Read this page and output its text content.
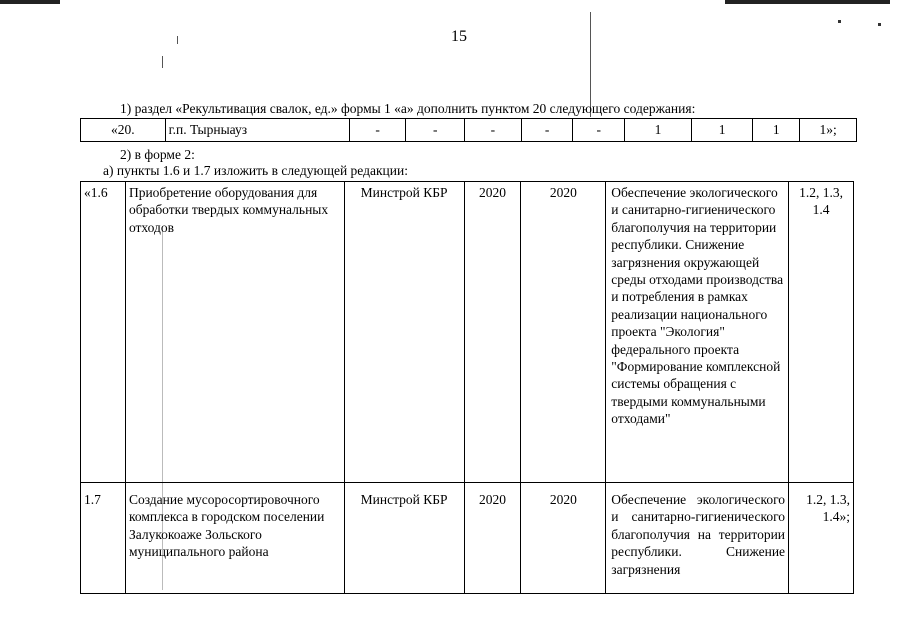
15
1) раздел «Рекультивация свалок, ед.» формы 1 «а» дополнить пунктом 20 следующего содержания:
«20.	г.п. Тырныауз	-	-	-	-	-	1	1	1	1»;
2) в форме 2:
а) пункты 1.6 и 1.7 изложить в следующей редакции:
«1.6	Приобретение оборудования для обработки твердых коммунальных отходов	Минстрой КБР	2020	2020	Обеспечение экологического и санитарно-гигиенического благополучия на территории республики. Снижение загрязнения окружающей среды отходами производства и потребления в рамках реализации национального проекта "Экология" федерального проекта "Формирование комплексной системы обращения с твердыми коммунальными отходами"	1.2, 1.3, 1.4
1.7	Создание мусоросортировочного комплекса в городском поселении Залукокоаже Зольского муниципального района	Минстрой КБР	2020	2020	Обеспечение экологического и санитарно-гигиенического благополучия на территории республики. Снижение загрязнения	1.2, 1.3, 1.4»;
